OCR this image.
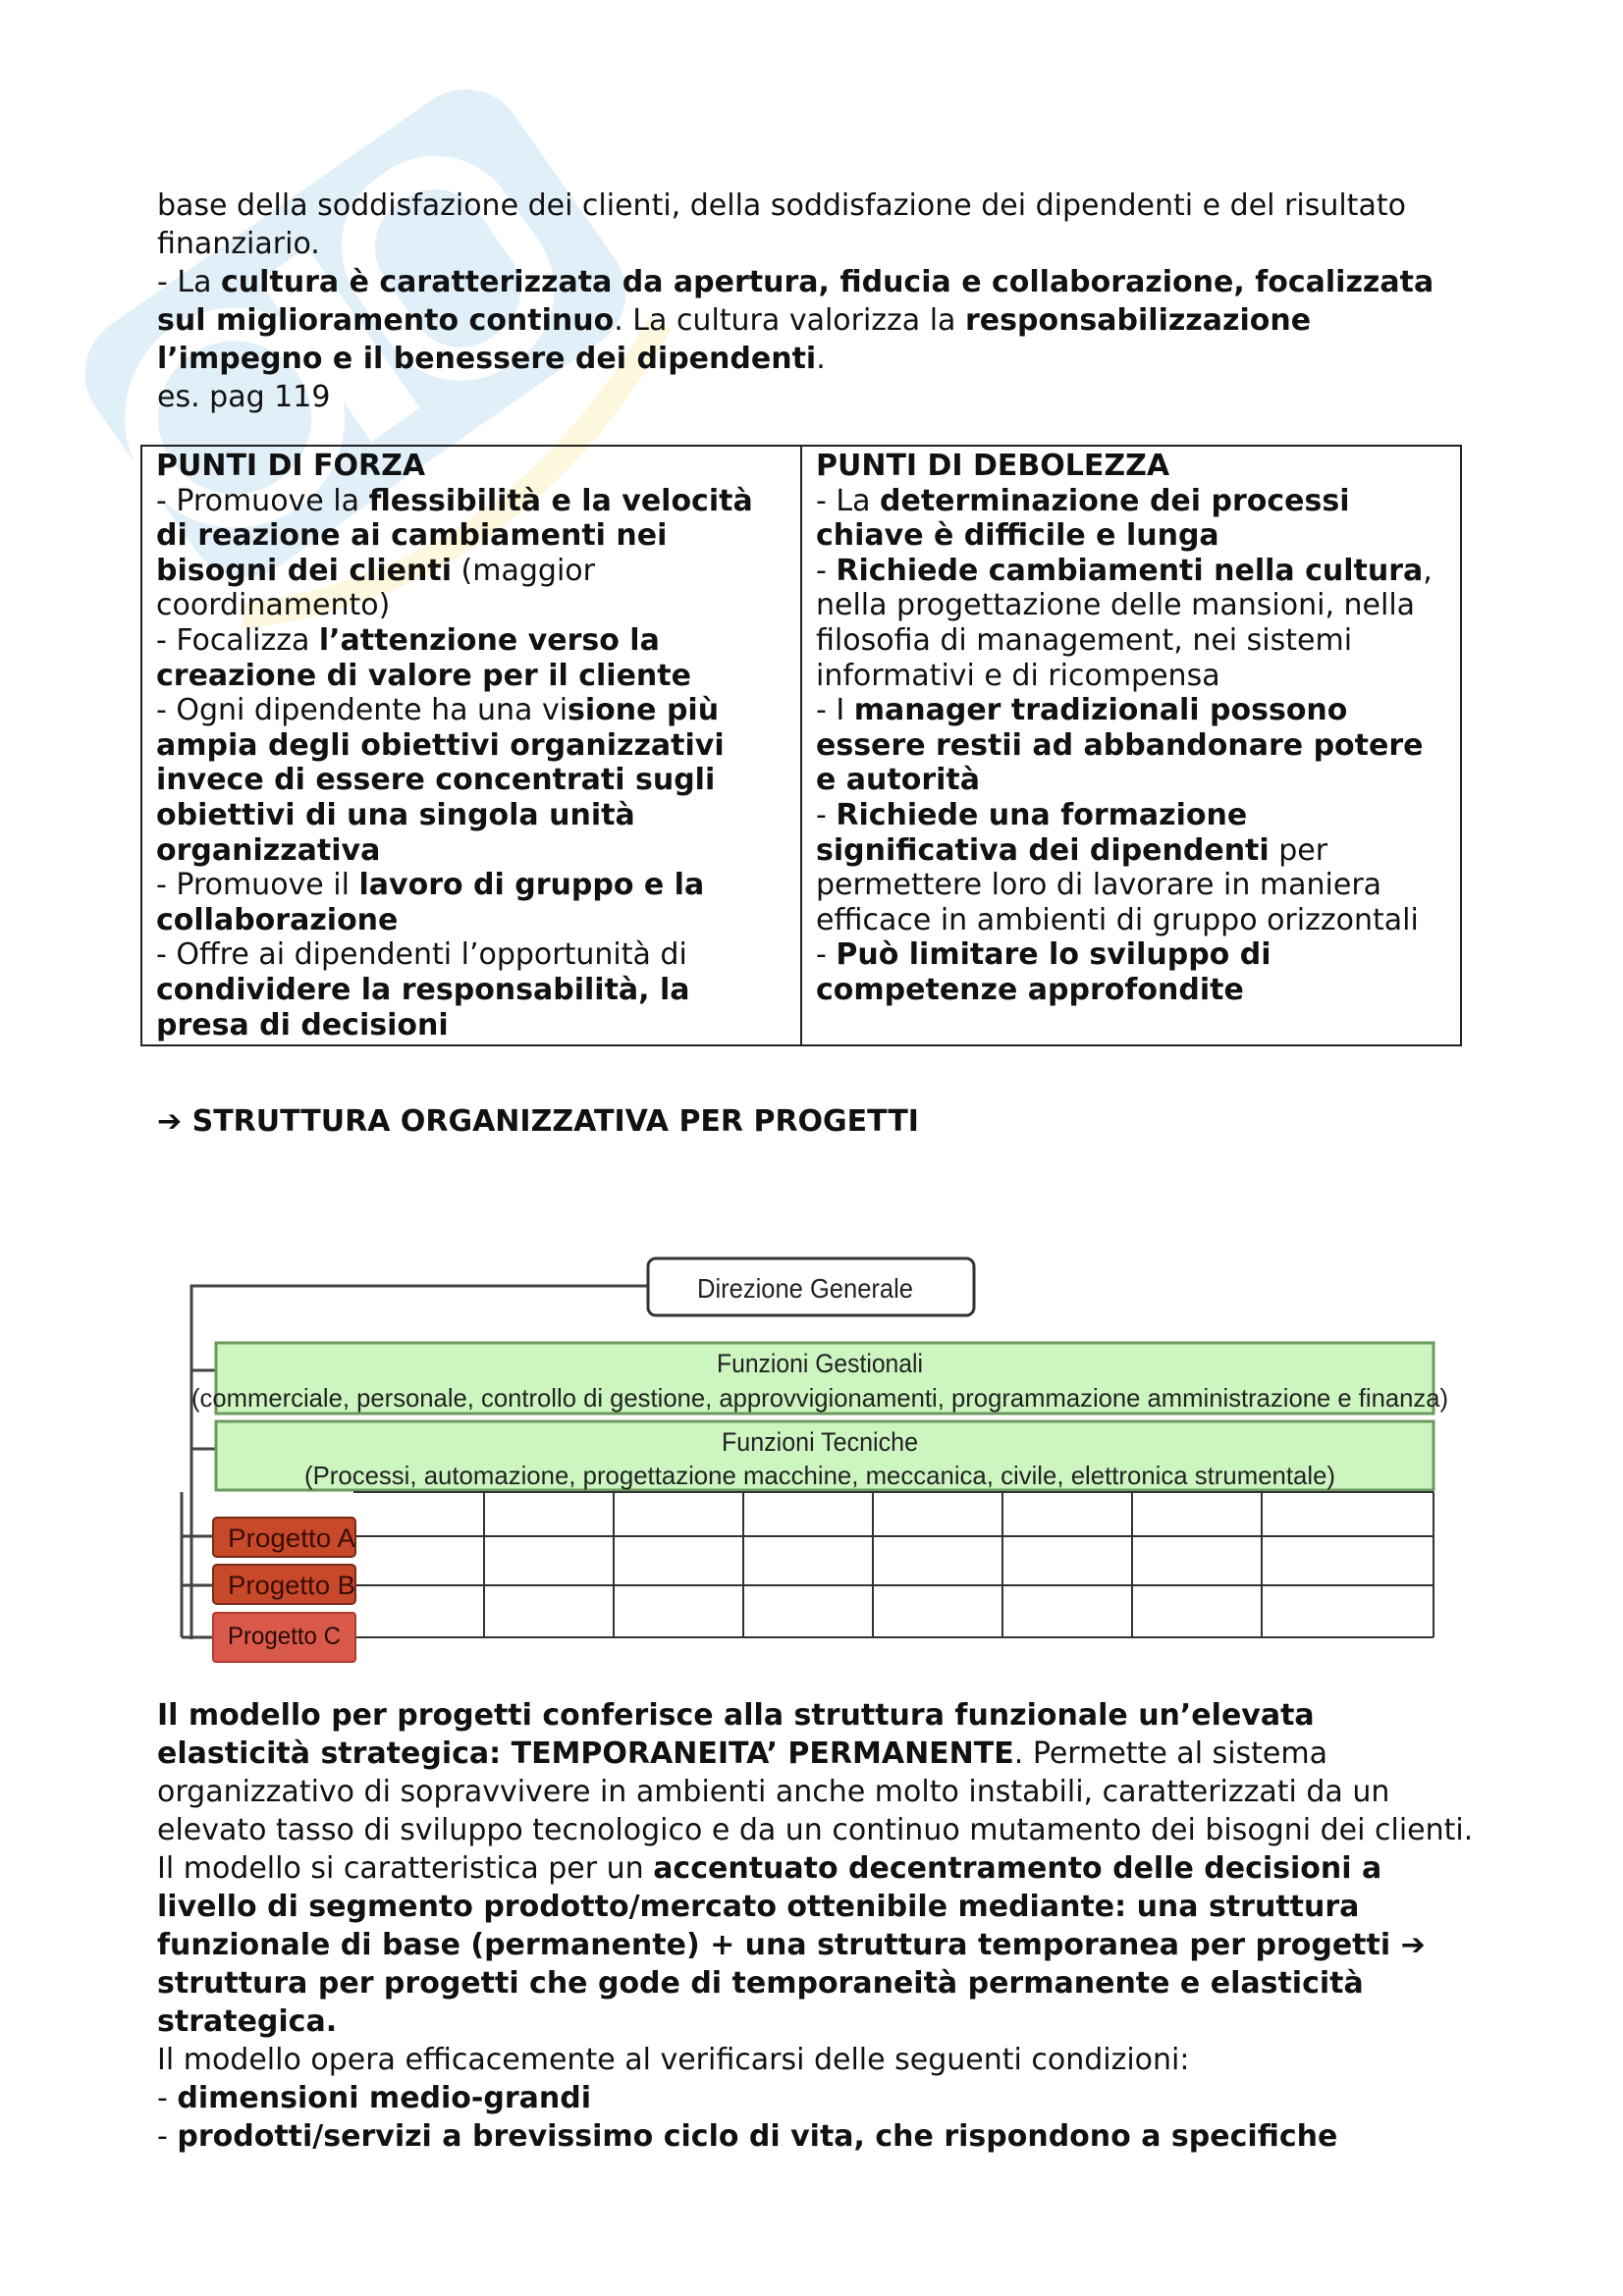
base della soddisfazione dei clienti, della soddisfazione dei dipendenti e del risultato finanziario.

- La cultura è caratterizzata da apertura, fiducia e collaborazione, focalizzata sul miglioramento continuo. La cultura valorizza la responsabilizzazione l’impegno e il benessere dei dipendenti.

es. pag 119

PUNTI DI FORZA
- Promuove la flessibilità e la velocità di reazione ai cambiamenti nei bisogni dei clienti (maggior coordinamento)
- Focalizza l’attenzione verso la creazione di valore per il cliente
- Ogni dipendente ha una visione più ampia degli obiettivi organizzativi invece di essere concentrati sugli obiettivi di una singola unità organizzativa
- Promuove il lavoro di gruppo e la collaborazione
- Offre ai dipendenti l’opportunità di condividere la responsabilità, la presa di decisioni

PUNTI DI DEBOLEZZA
- La determinazione dei processi chiave è difficile e lunga
- Richiede cambiamenti nella cultura, nella progettazione delle mansioni, nella filosofia di management, nei sistemi informativi e di ricompensa
- I manager tradizionali possono essere restii ad abbandonare potere e autorità
- Richiede una formazione significativa dei dipendenti per permettere loro di lavorare in maniera efficace in ambienti di gruppo orizzontali
- Può limitare lo sviluppo di competenze approfondite

➔ STRUTTURA ORGANIZZATIVA PER PROGETTI

Direzione Generale
Funzioni Gestionali
(commerciale, personale, controllo di gestione, approvvigionamenti, programmazione amministrazione e finanza)
Funzioni Tecniche
(Processi, automazione, progettazione macchine, meccanica, civile, elettronica strumentale)
Progetto A
Progetto B
Progetto C

Il modello per progetti conferisce alla struttura funzionale un’elevata elasticità strategica: TEMPORANEITA’ PERMANENTE. Permette al sistema organizzativo di sopravvivere in ambienti anche molto instabili, caratterizzati da un elevato tasso di sviluppo tecnologico e da un continuo mutamento dei bisogni dei clienti. Il modello si caratteristica per un accentuato decentramento delle decisioni a livello di segmento prodotto/mercato ottenibile mediante: una struttura funzionale di base (permanente) + una struttura temporanea per progetti ➔ struttura per progetti che gode di temporaneità permanente e elasticità strategica.

Il modello opera efficacemente al verificarsi delle seguenti condizioni:

- dimensioni medio-grandi

- prodotti/servizi a brevissimo ciclo di vita, che rispondono a specifiche
